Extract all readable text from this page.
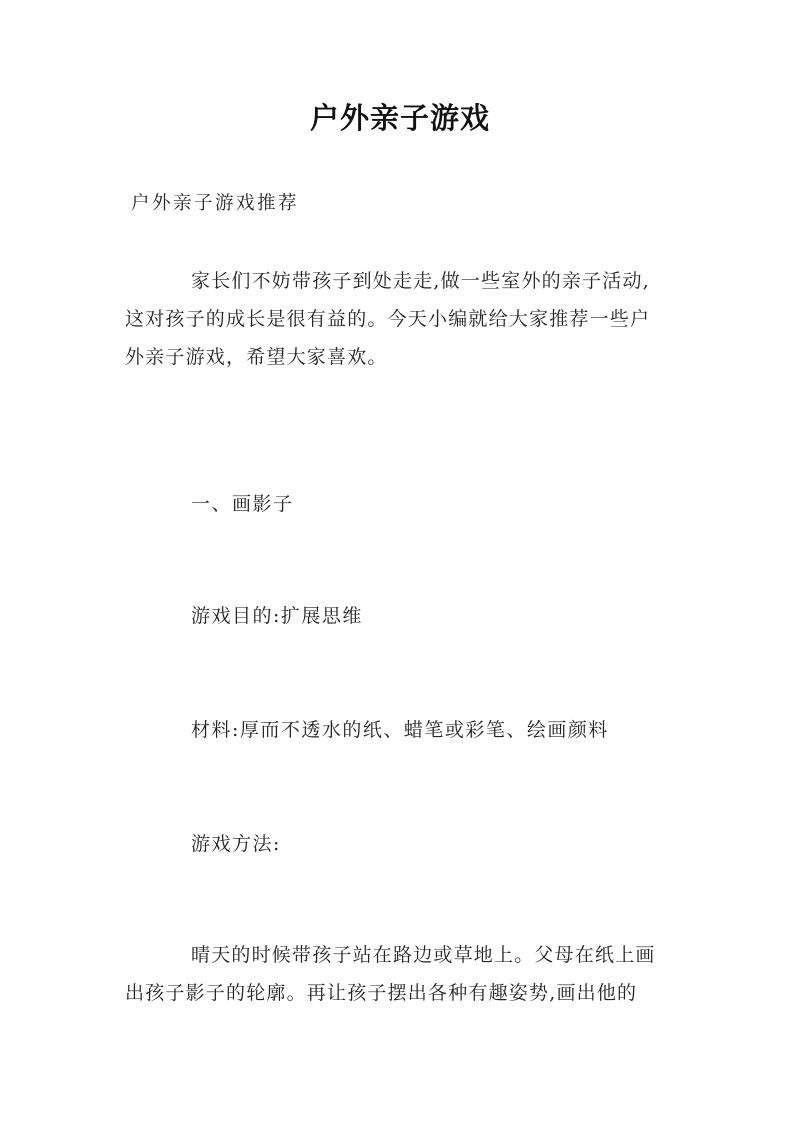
户外亲子游戏
户外亲子游戏推荐
家长们不妨带孩子到处走走,做一些室外的亲子活动,
这对孩子的成长是很有益的。今天小编就给大家推荐一些户
外亲子游戏，希望大家喜欢。
一、画影子
游戏目的:扩展思维
材料:厚而不透水的纸、蜡笔或彩笔、绘画颜料
游戏方法:
晴天的时候带孩子站在路边或草地上。父母在纸上画
出孩子影子的轮廓。再让孩子摆出各种有趣姿势,画出他的
